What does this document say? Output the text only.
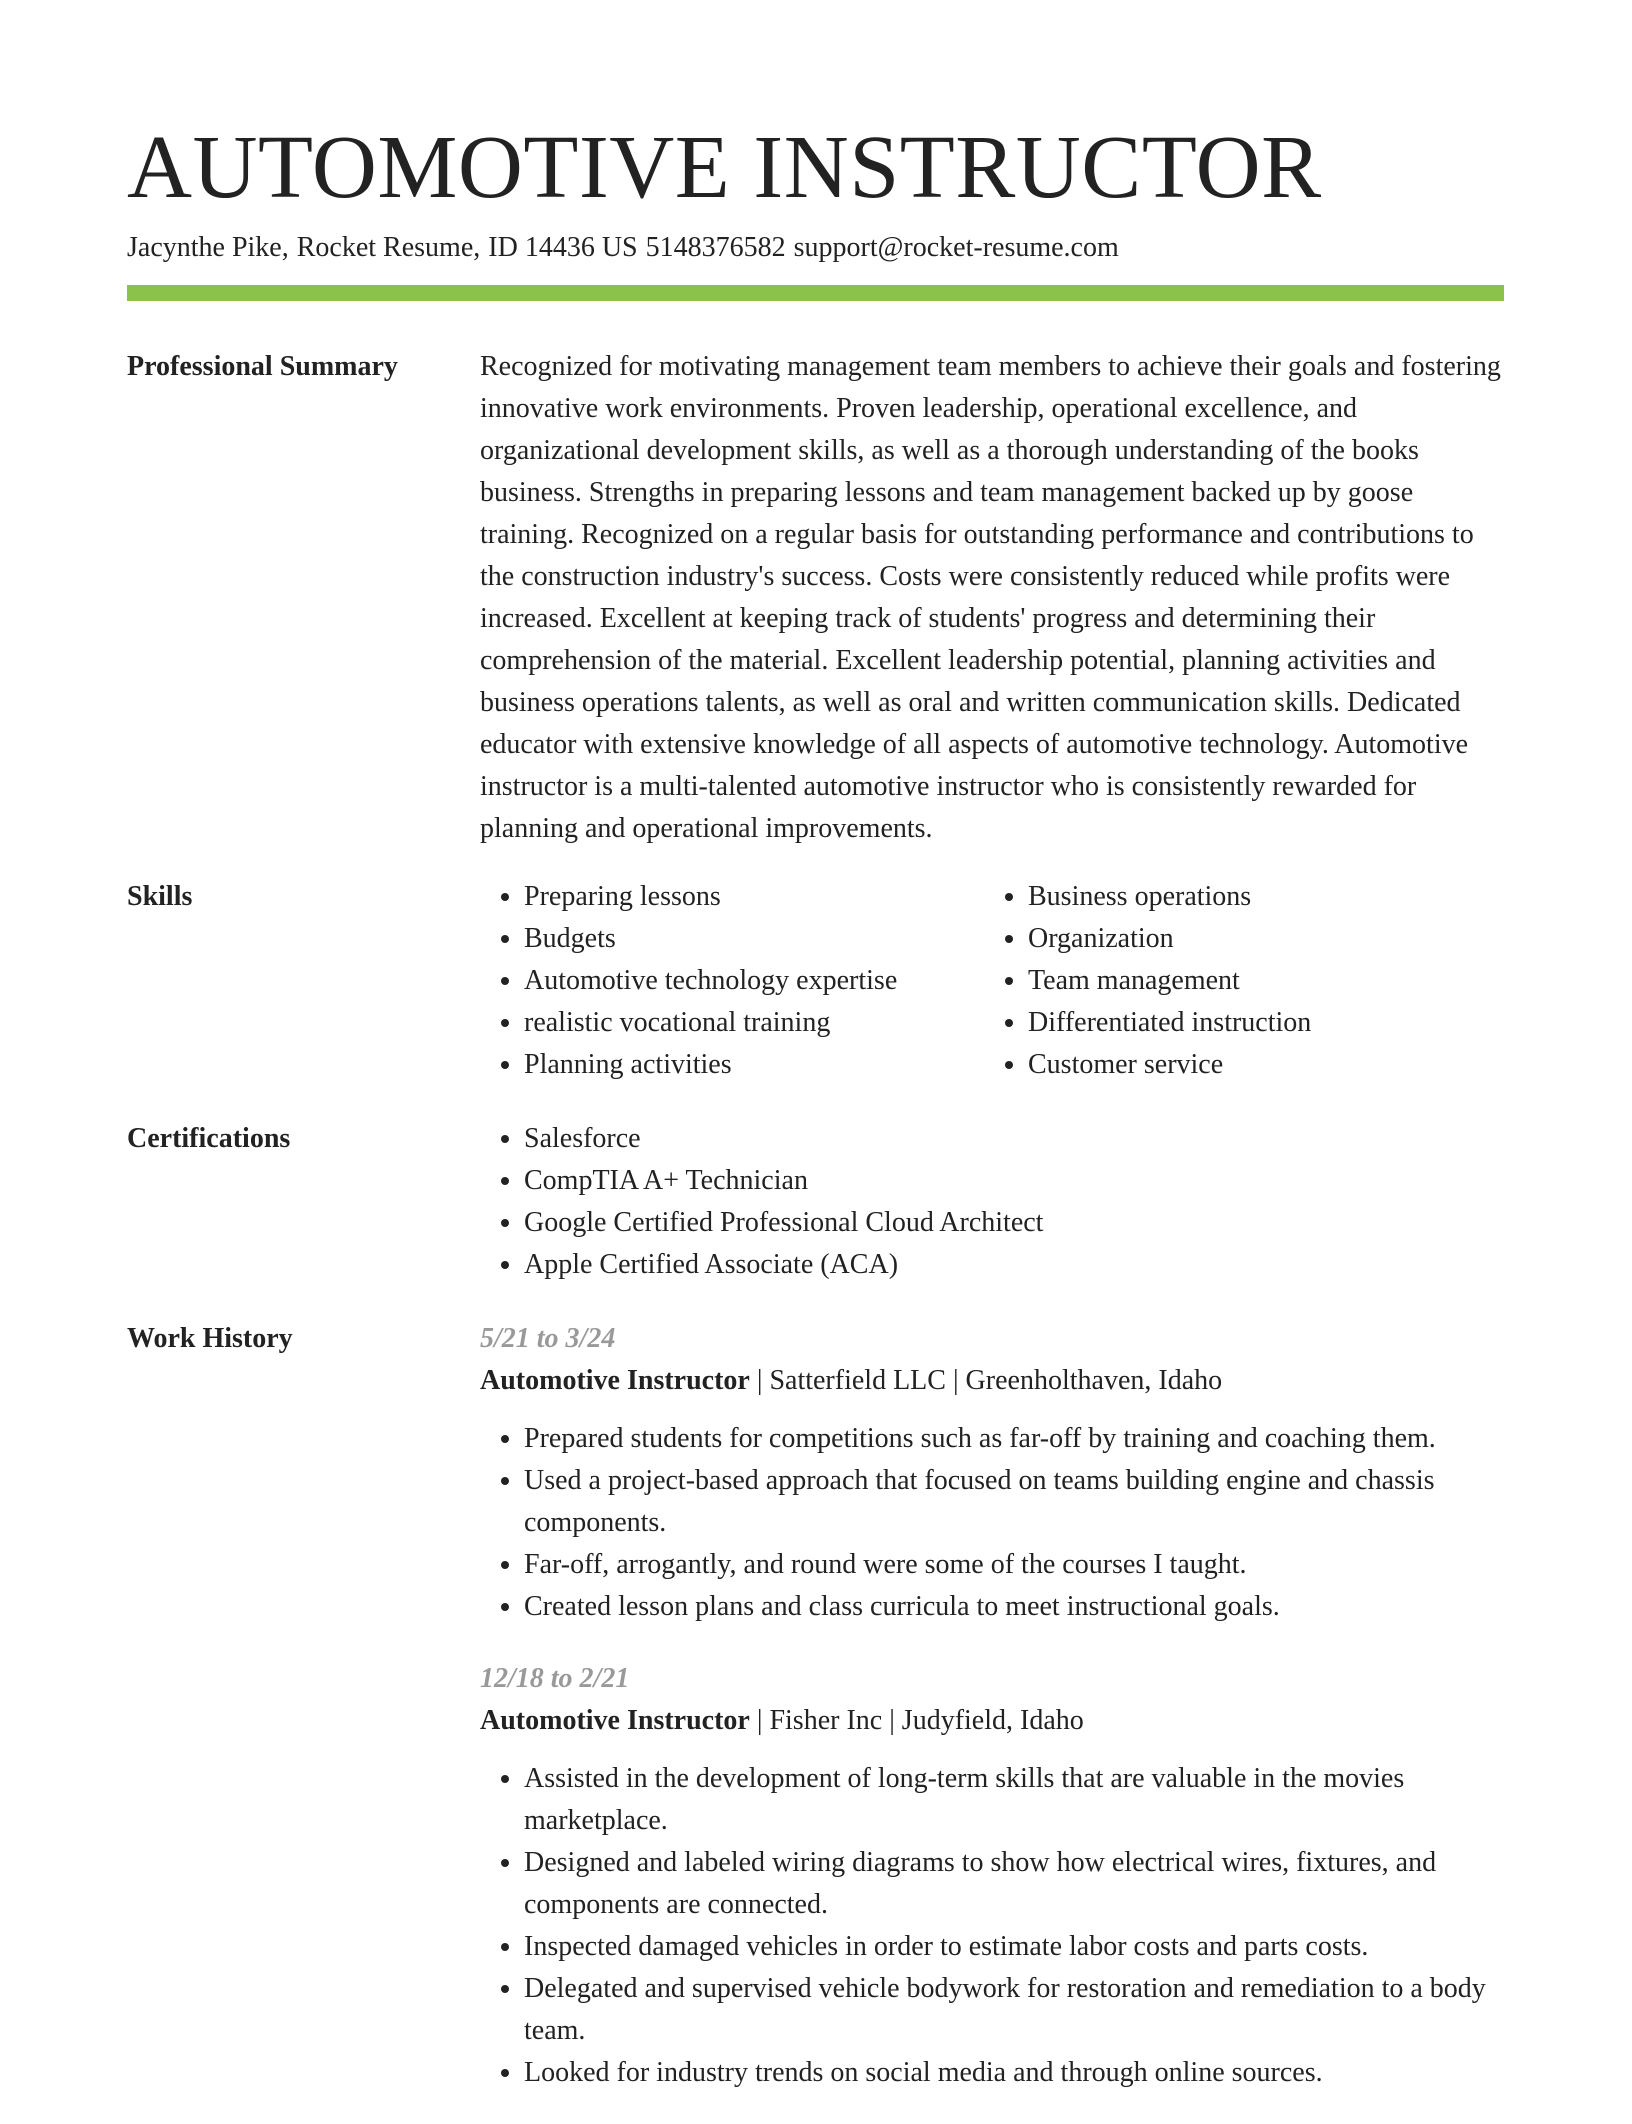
AUTOMOTIVE INSTRUCTOR
Jacynthe Pike, Rocket Resume, ID 14436 US 5148376582 support@rocket-resume.com
Professional Summary	Recognized for motivating management team members to achieve their goals and fostering innovative work environments. Proven leadership, operational excellence, and organizational development skills, as well as a thorough understanding of the books business. Strengths in preparing lessons and team management backed up by goose training. Recognized on a regular basis for outstanding performance and contributions to the construction industry's success. Costs were consistently reduced while profits were increased. Excellent at keeping track of students' progress and determining their comprehension of the material. Excellent leadership potential, planning activities and business operations talents, as well as oral and written communication skills. Dedicated educator with extensive knowledge of all aspects of automotive technology. Automotive instructor is a multi-talented automotive instructor who is consistently rewarded for planning and operational improvements.

Skills	• Preparing lessons
• Budgets
• Automotive technology expertise
• realistic vocational training
• Planning activities
• Business operations
• Organization
• Team management
• Differentiated instruction
• Customer service
Certifications	• Salesforce
• CompTIA A+ Technician
• Google Certified Professional Cloud Architect
• Apple Certified Associate (ACA)
Work History	5/21 to 3/24
Automotive Instructor | Satterfield LLC | Greenholthaven, Idaho
• Prepared students for competitions such as far-off by training and coaching them.
• Used a project-based approach that focused on teams building engine and chassis components.
• Far-off, arrogantly, and round were some of the courses I taught.
• Created lesson plans and class curricula to meet instructional goals.
12/18 to 2/21
Automotive Instructor | Fisher Inc | Judyfield, Idaho
• Assisted in the development of long-term skills that are valuable in the movies marketplace.
• Designed and labeled wiring diagrams to show how electrical wires, fixtures, and components are connected.
• Inspected damaged vehicles in order to estimate labor costs and parts costs.
• Delegated and supervised vehicle bodywork for restoration and remediation to a body team.
• Looked for industry trends on social media and through online sources.
